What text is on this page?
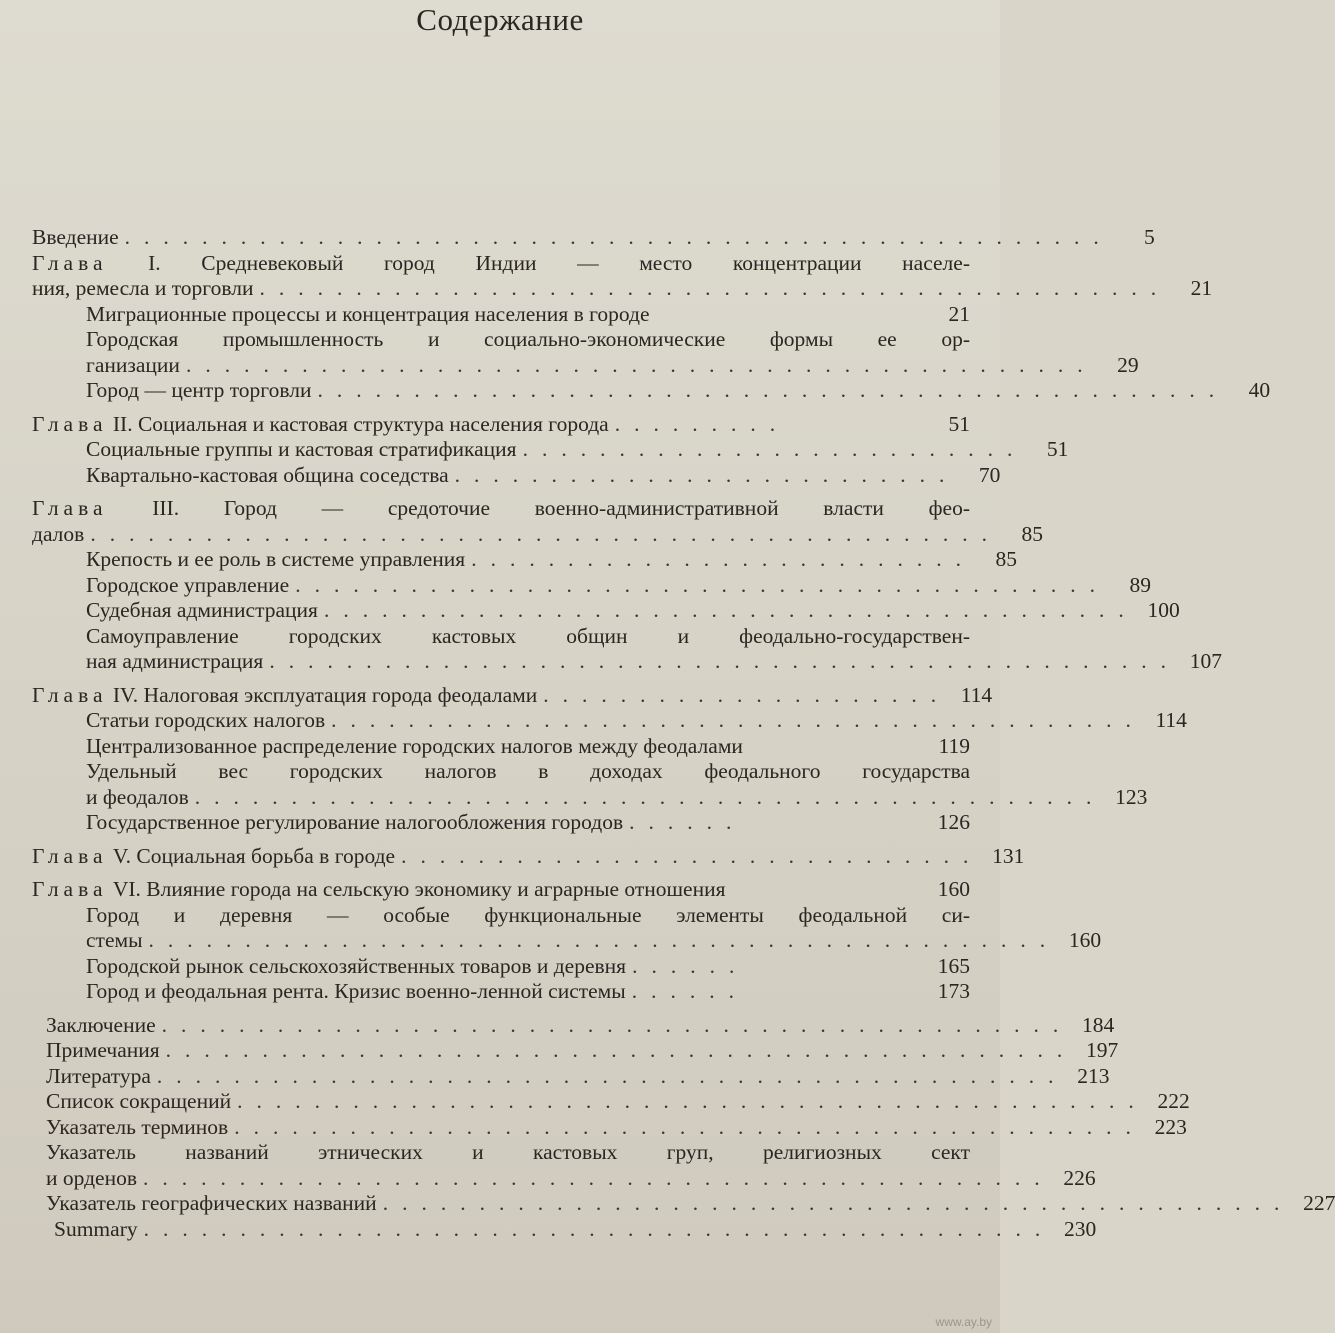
Содержание
Введение ...................................................	5
Глава I. Средневековый город Индии — место концентрации населе-
ния, ремесла и торговли ............................................... 21
Миграционные процессы и концентрация населения в городе	21
Городская промышленность и социально-экономические формы ее ор-
ганизации ............................................... 29
Город — центр торговли ............................................... 40
Глава II. Социальная и кастовая структура населения города .........	51
Социальные группы и кастовая стратификация .......................... 51
Квартально-кастовая община соседства .......................... 70
Глава III. Город — средоточие военно-административной власти фео-
далов ............................................... 85
Крепость и ее роль в системе управления .......................... 85
Городское управление .......................................... 89
Судебная администрация .......................................... 100
Самоуправление городских кастовых общин и феодально-государствен-
ная администрация ............................................... 107
Глава IV. Налоговая эксплуатация города феодалами ..................... 114
Статьи городских налогов .......................................... 114
Централизованное распределение городских налогов между феодалами	119
Удельный вес городских налогов в доходах феодального государства
и феодалов ............................................... 123
Государственное регулирование налогообложения городов ......	126
Глава V. Социальная борьба в городе .............................. 131
Глава VI. Влияние города на сельскую экономику и аграрные отношения	160
Город и деревня — особые функциональные элементы феодальной си-
стемы ............................................... 160
Городской рынок сельскохозяйственных товаров и деревня ......	165
Город и феодальная рента. Кризис военно-ленной системы ......	173
Заключение ............................................... 184
Примечания ............................................... 197
Литература ............................................... 213
Список сокращений ............................................... 222
Указатель терминов ............................................... 223
Указатель названий этнических и кастовых груп, религиозных сект
и орденов ............................................... 226
Указатель географических названий ............................................... 227
Summary ............................................... 230
www.ay.by
